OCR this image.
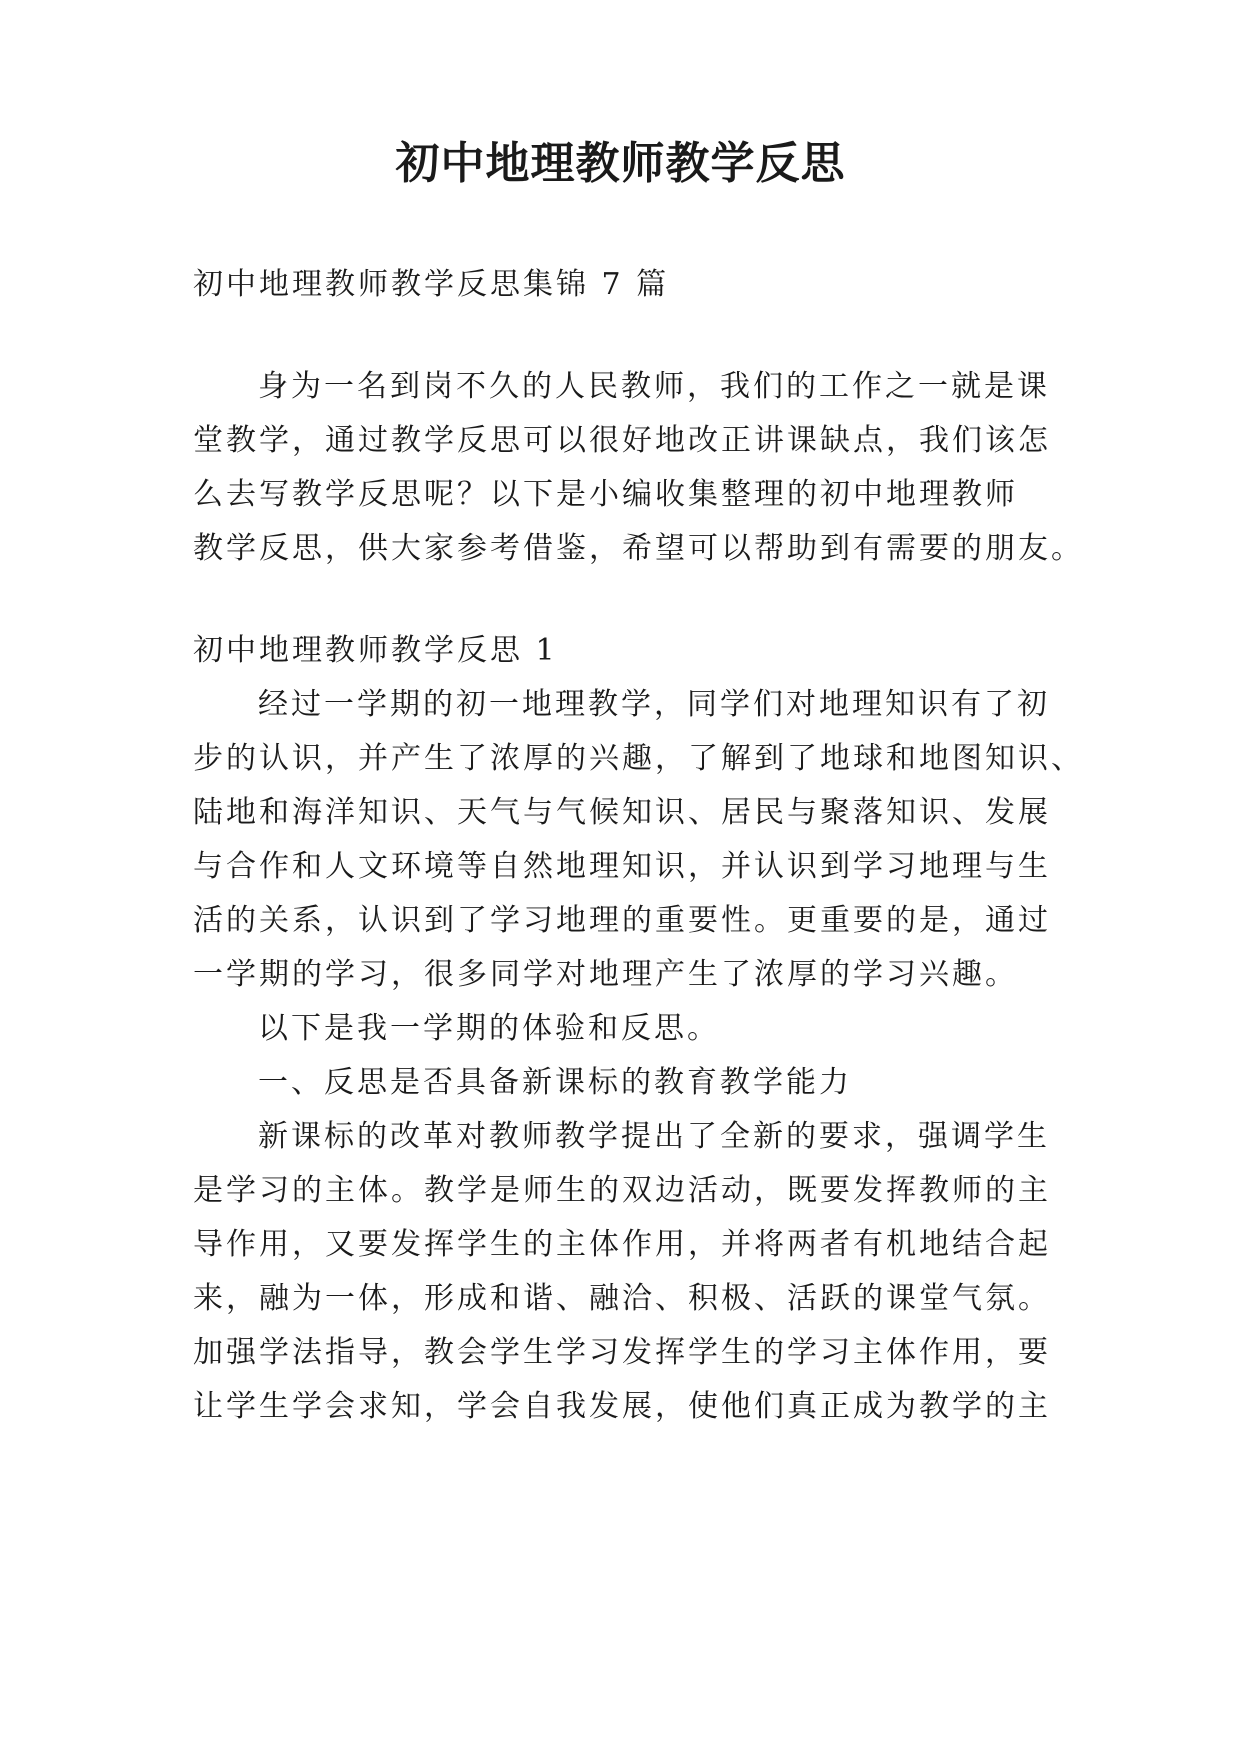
初中地理教师教学反思
初中地理教师教学反思集锦 7 篇
身为一名到岗不久的人民教师，我们的工作之一就是课
堂教学，通过教学反思可以很好地改正讲课缺点，我们该怎
么去写教学反思呢？以下是小编收集整理的初中地理教师
教学反思，供大家参考借鉴，希望可以帮助到有需要的朋友。
初中地理教师教学反思 1
经过一学期的初一地理教学，同学们对地理知识有了初
步的认识，并产生了浓厚的兴趣，了解到了地球和地图知识、
陆地和海洋知识、天气与气候知识、居民与聚落知识、发展
与合作和人文环境等自然地理知识，并认识到学习地理与生
活的关系，认识到了学习地理的重要性。更重要的是，通过
一学期的学习，很多同学对地理产生了浓厚的学习兴趣。
以下是我一学期的体验和反思。
一、反思是否具备新课标的教育教学能力
新课标的改革对教师教学提出了全新的要求，强调学生
是学习的主体。教学是师生的双边活动，既要发挥教师的主
导作用，又要发挥学生的主体作用，并将两者有机地结合起
来，融为一体，形成和谐、融洽、积极、活跃的课堂气氛。
加强学法指导，教会学生学习发挥学生的学习主体作用，要
让学生学会求知，学会自我发展，使他们真正成为教学的主
